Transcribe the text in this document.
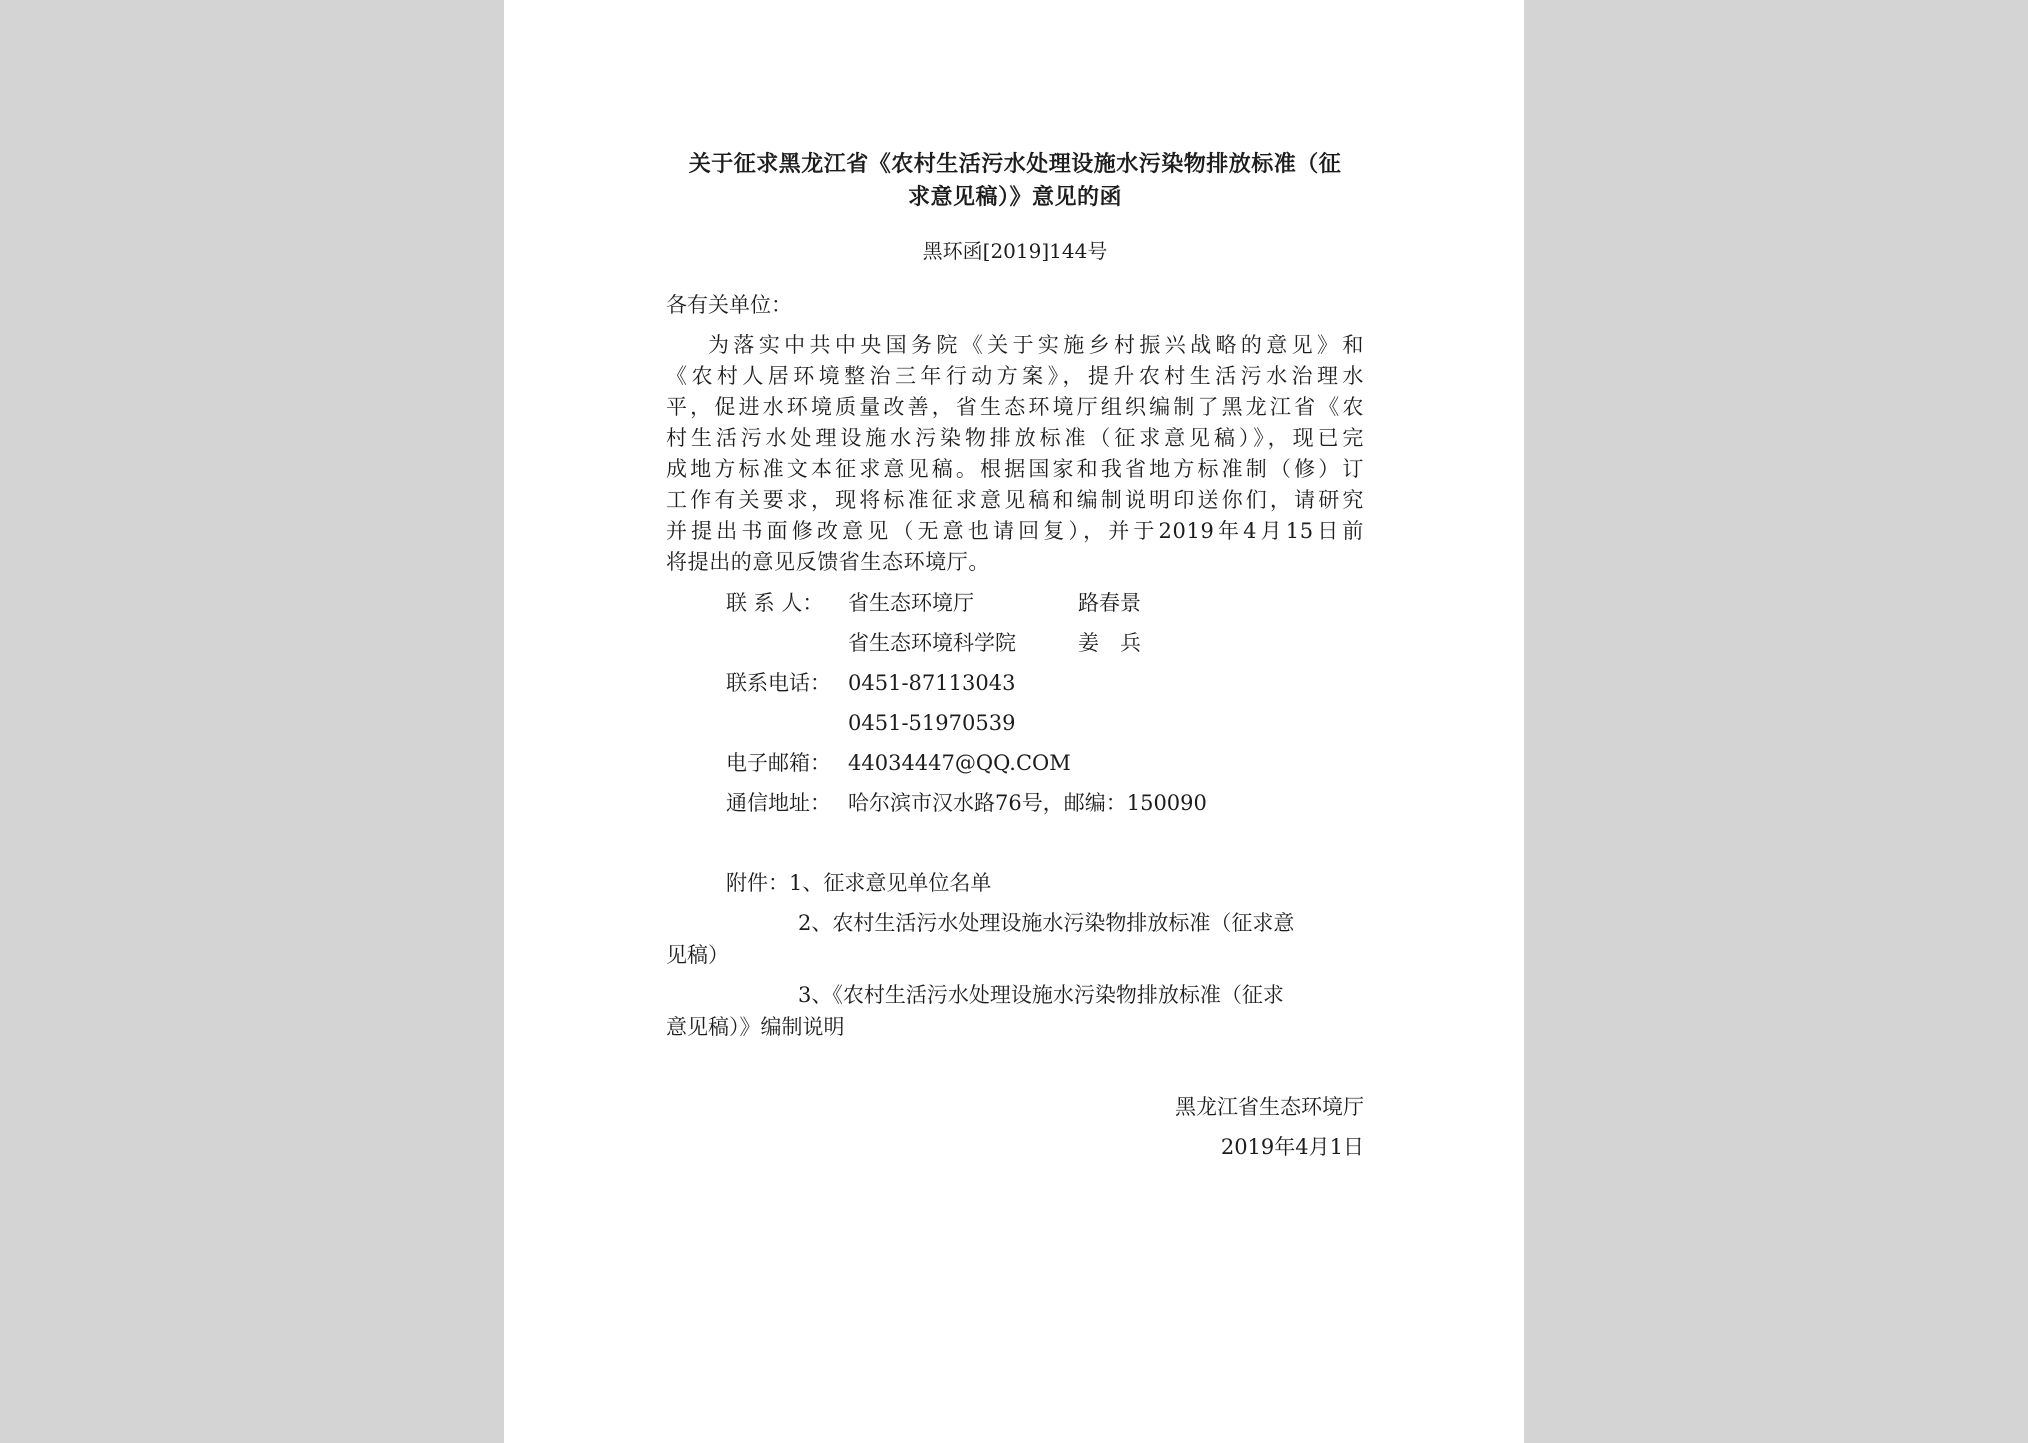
关于征求黑龙江省《农村生活污水处理设施水污染物排放标准（征
求意见稿）》意见的函
黑环函[2019]144号
各有关单位：
为落实中共中央国务院《关于实施乡村振兴战略的意见》和
《农村人居环境整治三年行动方案》，提升农村生活污水治理水
平，促进水环境质量改善，省生态环境厅组织编制了黑龙江省《农
村生活污水处理设施水污染物排放标准（征求意见稿）》，现已完
成地方标准文本征求意见稿。根据国家和我省地方标准制（修）订
工作有关要求，现将标准征求意见稿和编制说明印送你们，请研究
并提出书面修改意见（无意也请回复），并于2019年4月15日前
将提出的意见反馈省生态环境厅。
联 系 人： 省生态环境厅	路春景
省生态环境科学院	姜　兵
联系电话： 0451-87113043
0451-51970539
电子邮箱： 44034447@QQ.COM
通信地址： 哈尔滨市汉水路76号，邮编：150090
附件：1、征求意见单位名单
2、农村生活污水处理设施水污染物排放标准（征求意
见稿）
3、《农村生活污水处理设施水污染物排放标准（征求
意见稿）》编制说明
黑龙江省生态环境厅
2019年4月1日
